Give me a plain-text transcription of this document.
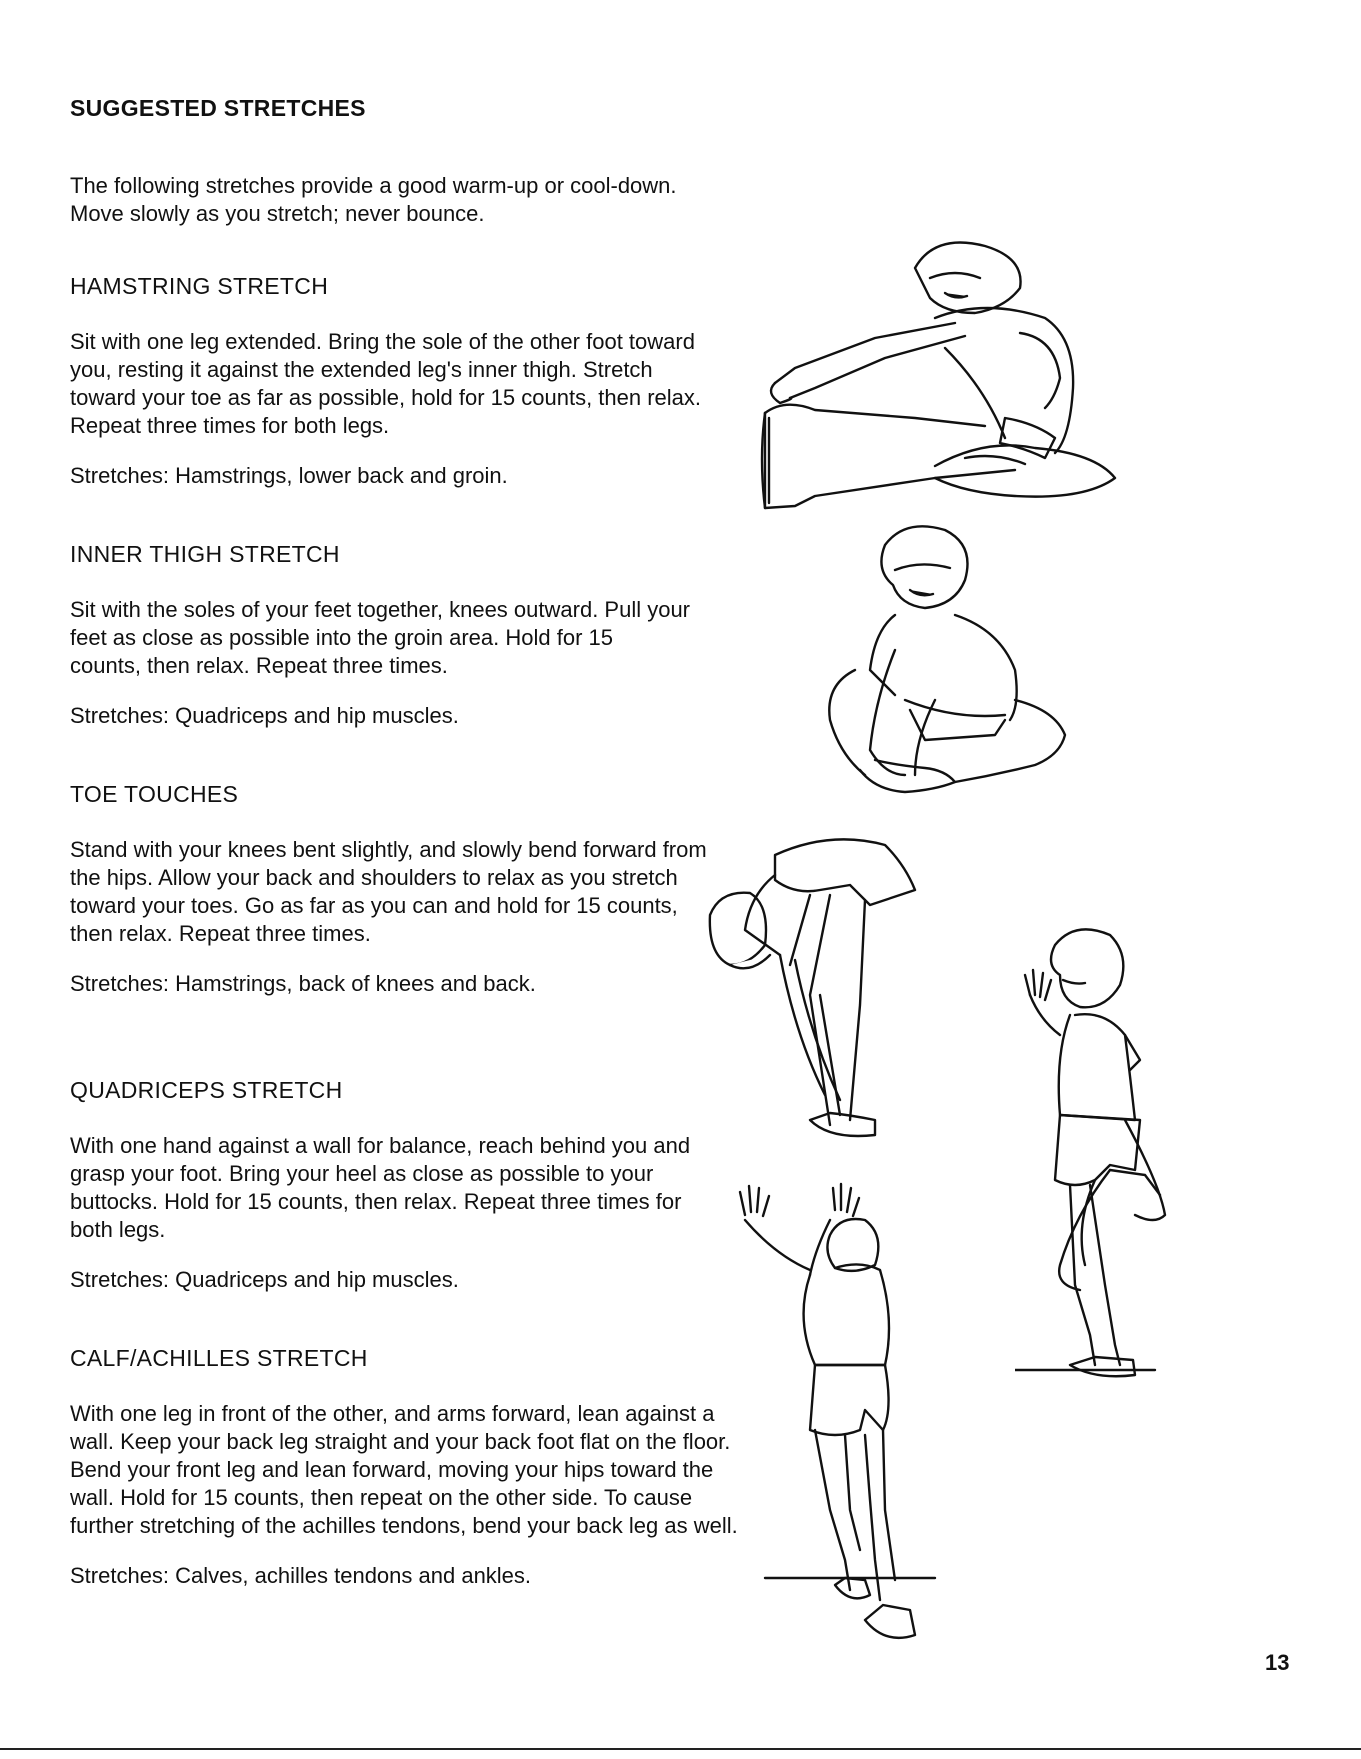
SUGGESTED STRETCHES

The following stretches provide a good warm-up or cool-down. Move slowly as you stretch; never bounce.

HAMSTRING STRETCH

Sit with one leg extended. Bring the sole of the other foot toward you, resting it against the extended leg's inner thigh. Stretch toward your toe as far as possible, hold for 15 counts, then relax. Repeat three times for both legs.

Stretches: Hamstrings, lower back and groin.

INNER THIGH STRETCH

Sit with the soles of your feet together, knees outward. Pull your feet as close as possible into the groin area. Hold for 15 counts, then relax. Repeat three times.

Stretches: Quadriceps and hip muscles.

TOE TOUCHES

Stand with your knees bent slightly, and slowly bend forward from the hips. Allow your back and shoulders to relax as you stretch toward your toes. Go as far as you can and hold for 15 counts, then relax. Repeat three times.

Stretches: Hamstrings, back of knees and back.

QUADRICEPS STRETCH

With one hand against a wall for balance, reach behind you and grasp your foot. Bring your heel as close as possible to your buttocks. Hold for 15 counts, then relax. Repeat three times for both legs.

Stretches: Quadriceps and hip muscles.

CALF/ACHILLES STRETCH

With one leg in front of the other, and arms forward, lean against a wall. Keep your back leg straight and your back foot flat on the floor. Bend your front leg and lean forward, moving your hips toward the wall. Hold for 15 counts, then repeat on the other side. To cause further stretching of the achilles tendons, bend your back leg as well.

Stretches: Calves, achilles tendons and ankles.

13
